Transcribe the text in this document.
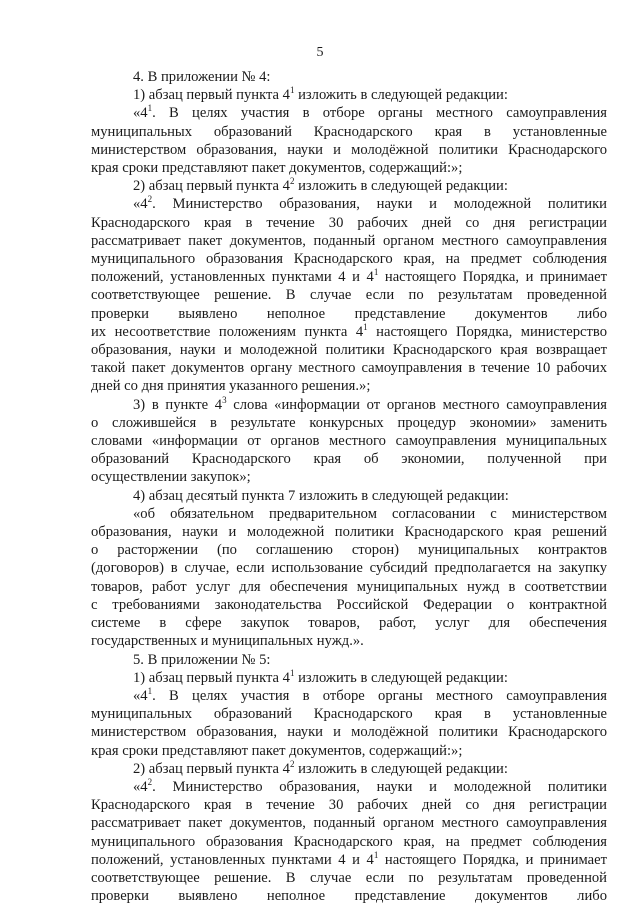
5

4. В приложении № 4:

1) абзац первый пункта $4^1$ изложить в следующей редакции:

«$4^1$. В целях участия в отборе органы местного самоуправления

муниципальных образований Краснодарского края в установленные

министерством образования, науки и молодёжной политики Краснодарского

края сроки представляют пакет документов, содержащий:»;

2) абзац первый пункта $4^2$ изложить в следующей редакции:

«$4^2$. Министерство образования, науки и молодежной политики

Краснодарского края в течение 30 рабочих дней со дня регистрации

рассматривает пакет документов, поданный органом местного самоуправления

муниципального образования Краснодарского края, на предмет соблюдения

положений, установленных пунктами 4 и $4^1$ настоящего Порядка, и принимает

соответствующее решение. В случае если по результатам проведенной

проверки выявлено неполное представление документов либо

их несоответствие положениям пункта $4^1$ настоящего Порядка, министерство

образования, науки и молодежной политики Краснодарского края возвращает

такой пакет документов органу местного самоуправления в течение 10 рабочих

дней со дня принятия указанного решения.»;

3) в пункте $4^3$ слова «информации от органов местного самоуправления

о сложившейся в результате конкурсных процедур экономии» заменить

словами «информации от органов местного самоуправления муниципальных

образований Краснодарского края об экономии, полученной при

осуществлении закупок»;

4) абзац десятый пункта 7 изложить в следующей редакции:

«об обязательном предварительном согласовании с министерством

образования, науки и молодежной политики Краснодарского края решений

о расторжении (по соглашению сторон) муниципальных контрактов

(договоров) в случае, если использование субсидий предполагается на закупку

товаров, работ услуг для обеспечения муниципальных нужд в соответствии

с требованиями законодательства Российской Федерации о контрактной

системе в сфере закупок товаров, работ, услуг для обеспечения

государственных и муниципальных нужд.».

5. В приложении № 5:

1) абзац первый пункта $4^1$ изложить в следующей редакции:

«$4^1$. В целях участия в отборе органы местного самоуправления

муниципальных образований Краснодарского края в установленные

министерством образования, науки и молодёжной политики Краснодарского

края сроки представляют пакет документов, содержащий:»;

2) абзац первый пункта $4^2$ изложить в следующей редакции:

«$4^2$. Министерство образования, науки и молодежной политики

Краснодарского края в течение 30 рабочих дней со дня регистрации

рассматривает пакет документов, поданный органом местного самоуправления

муниципального образования Краснодарского края, на предмет соблюдения

положений, установленных пунктами 4 и $4^1$ настоящего Порядка, и принимает

соответствующее решение. В случае если по результатам проведенной

проверки выявлено неполное представление документов либо
